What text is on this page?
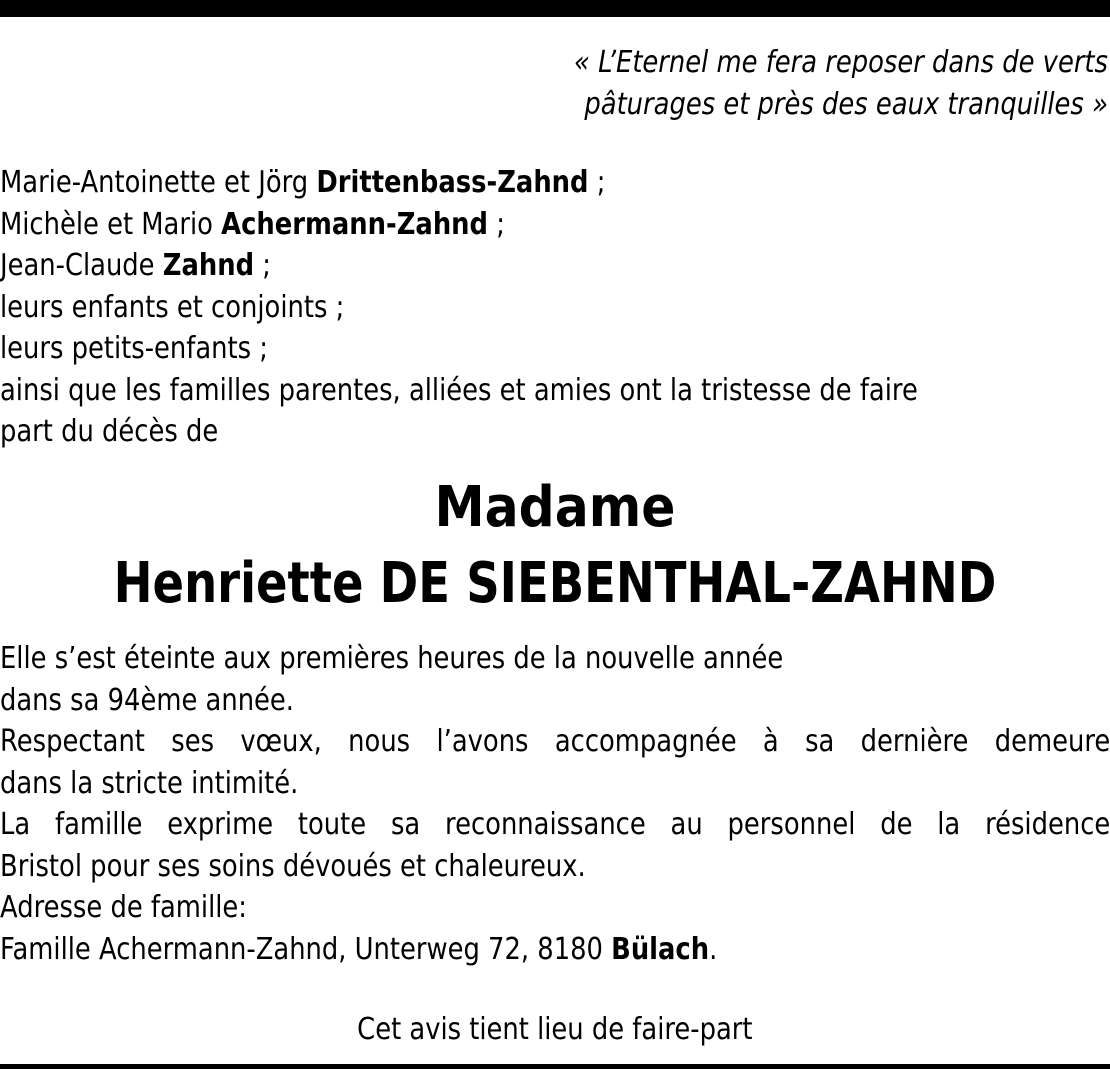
« L’Eternel me fera reposer dans de verts
pâturages et près des eaux tranquilles »
Marie-Antoinette et Jörg Drittenbass-Zahnd ;
Michèle et Mario Achermann-Zahnd ;
Jean-Claude Zahnd ;
leurs enfants et conjoints ;
leurs petits-enfants ;
ainsi que les familles parentes, alliées et amies ont la tristesse de faire
part du décès de
Madame
Henriette DE SIEBENTHAL-ZAHND
Elle s’est éteinte aux premières heures de la nouvelle année
dans sa 94ème année.
Respectant ses vœux, nous l’avons accompagnée à sa dernière demeure
dans la stricte intimité.
La famille exprime toute sa reconnaissance au personnel de la résidence
Bristol pour ses soins dévoués et chaleureux.
Adresse de famille:
Famille Achermann-Zahnd, Unterweg 72, 8180 Bülach.
Cet avis tient lieu de faire-part
